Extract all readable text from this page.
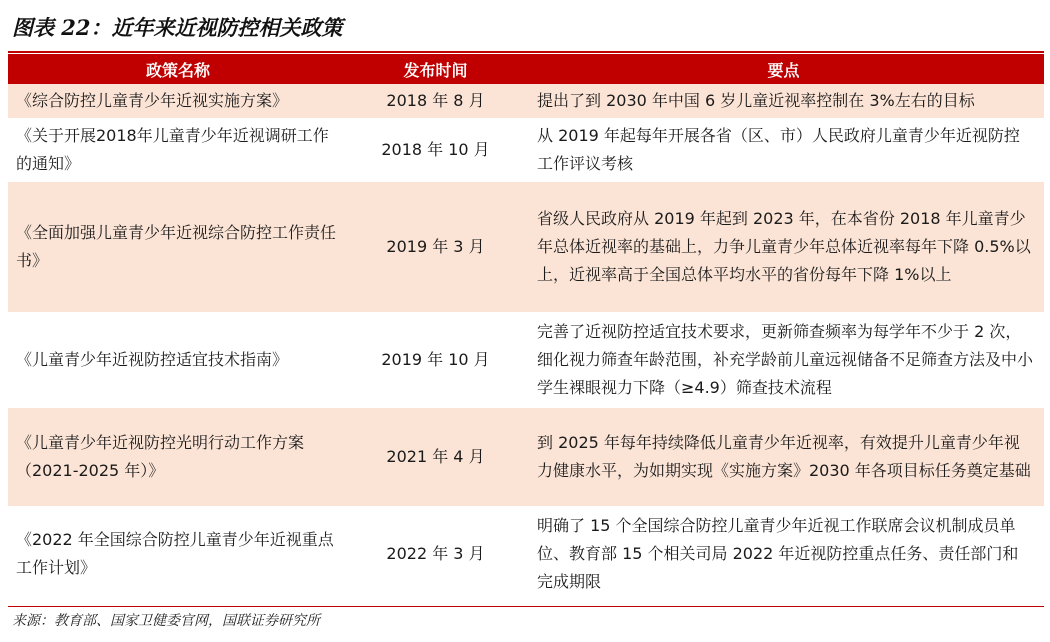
图表 22：近年来近视防控相关政策
政策名称	发布时间	要点
《综合防控儿童青少年近视实施方案》	2018 年 8 月	提出了到 2030 年中国 6 岁儿童近视率控制在 3%左右的目标
《关于开展2018年儿童青少年近视调研工作的通知》	2018 年 10 月	从 2019 年起每年开展各省（区、市）人民政府儿童青少年近视防控工作评议考核
《全面加强儿童青少年近视综合防控工作责任书》	2019 年 3 月	省级人民政府从 2019 年起到 2023 年，在本省份 2018 年儿童青少年总体近视率的基础上，力争儿童青少年总体近视率每年下降 0.5%以上，近视率高于全国总体平均水平的省份每年下降 1%以上
《儿童青少年近视防控适宜技术指南》	2019 年 10 月	完善了近视防控适宜技术要求，更新筛查频率为每学年不少于 2 次，细化视力筛查年龄范围，补充学龄前儿童远视储备不足筛查方法及中小学生裸眼视力下降（≥4.9）筛查技术流程
《儿童青少年近视防控光明行动工作方案（2021-2025 年）》	2021 年 4 月	到 2025 年每年持续降低儿童青少年近视率，有效提升儿童青少年视力健康水平，为如期实现《实施方案》2030 年各项目标任务奠定基础
《2022 年全国综合防控儿童青少年近视重点工作计划》	2022 年 3 月	明确了 15 个全国综合防控儿童青少年近视工作联席会议机制成员单位、教育部 15 个相关司局 2022 年近视防控重点任务、责任部门和完成期限
来源：教育部、国家卫健委官网，国联证券研究所
